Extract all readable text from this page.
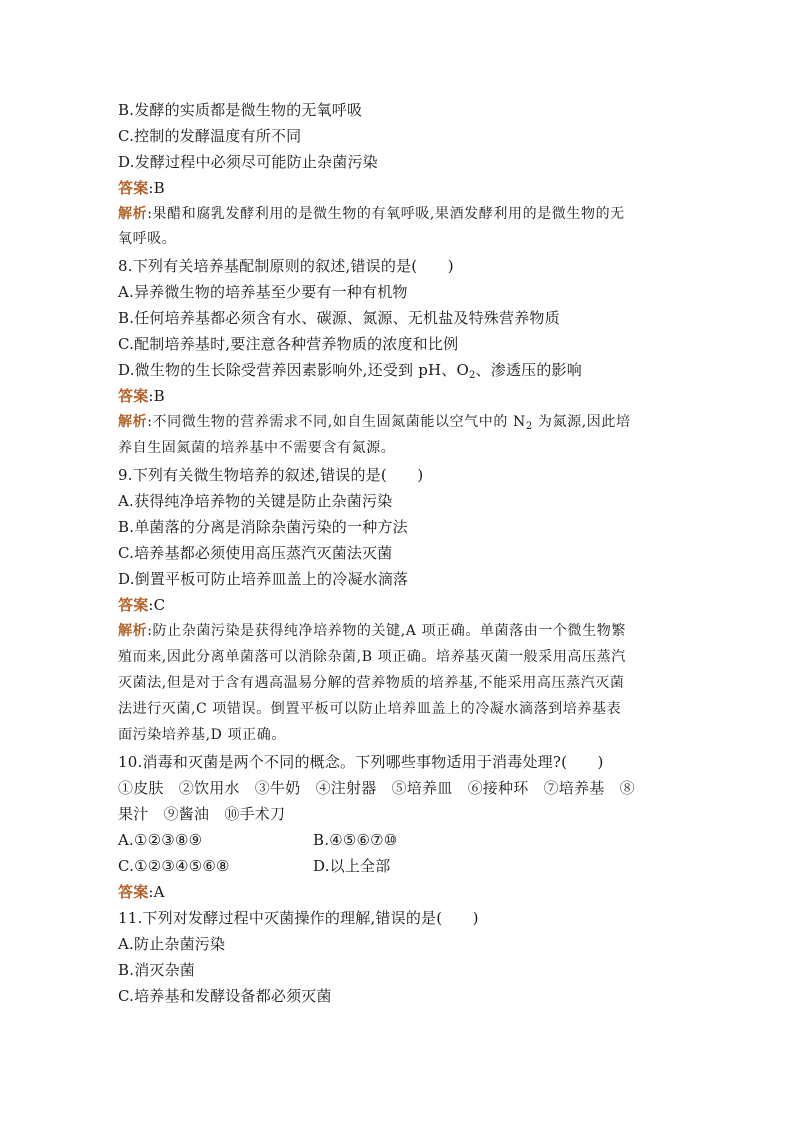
B.发酵的实质都是微生物的无氧呼吸
C.控制的发酵温度有所不同
D.发酵过程中必须尽可能防止杂菌污染
答案:B
解析:果醋和腐乳发酵利用的是微生物的有氧呼吸,果酒发酵利用的是微生物的无
氧呼吸。
8.下列有关培养基配制原则的叙述,错误的是(　　)
A.异养微生物的培养基至少要有一种有机物
B.任何培养基都必须含有水、碳源、氮源、无机盐及特殊营养物质
C.配制培养基时,要注意各种营养物质的浓度和比例
D.微生物的生长除受营养因素影响外,还受到 pH、$O_2$、渗透压的影响
答案:B
解析:不同微生物的营养需求不同,如自生固氮菌能以空气中的 $N_2$ 为氮源,因此培
养自生固氮菌的培养基中不需要含有氮源。
9.下列有关微生物培养的叙述,错误的是(　　)
A.获得纯净培养物的关键是防止杂菌污染
B.单菌落的分离是消除杂菌污染的一种方法
C.培养基都必须使用高压蒸汽灭菌法灭菌
D.倒置平板可防止培养皿盖上的冷凝水滴落
答案:C
解析:防止杂菌污染是获得纯净培养物的关键,A 项正确。单菌落由一个微生物繁
殖而来,因此分离单菌落可以消除杂菌,B 项正确。培养基灭菌一般采用高压蒸汽
灭菌法,但是对于含有遇高温易分解的营养物质的培养基,不能采用高压蒸汽灭菌
法进行灭菌,C 项错误。倒置平板可以防止培养皿盖上的冷凝水滴落到培养基表
面污染培养基,D 项正确。
10.消毒和灭菌是两个不同的概念。下列哪些事物适用于消毒处理?(　　)
①皮肤　②饮用水　③牛奶　④注射器　⑤培养皿　⑥接种环　⑦培养基　⑧
果汁　⑨酱油　⑩手术刀
A.①②③⑧⑨	B.④⑤⑥⑦⑩
C.①②③④⑤⑥⑧	D.以上全部
答案:A
11.下列对发酵过程中灭菌操作的理解,错误的是(　　)
A.防止杂菌污染
B.消灭杂菌
C.培养基和发酵设备都必须灭菌
